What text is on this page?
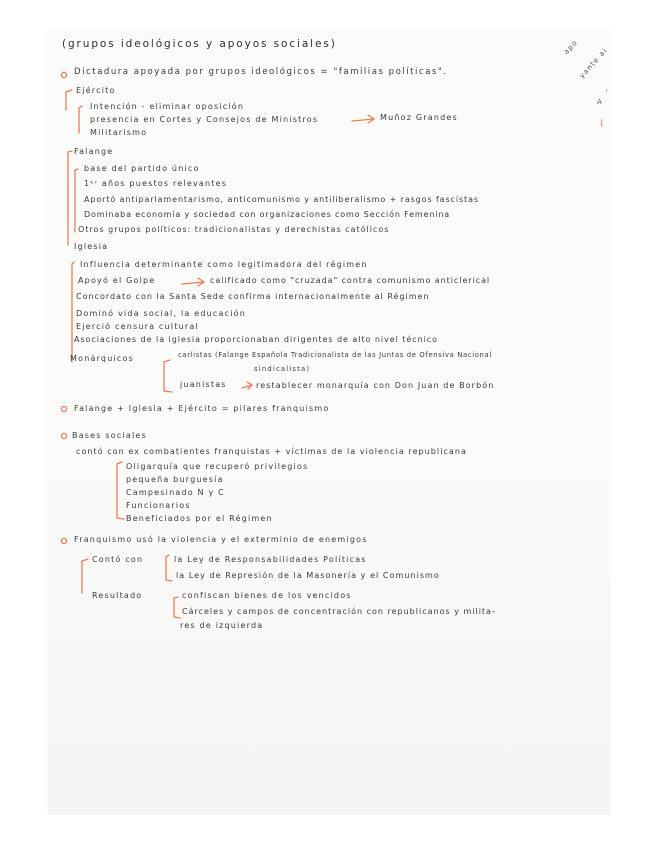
apo
yante ai
A
ʳ
(
(grupos ideológicos y apoyos sociales)
Dictadura apoyada por grupos ideológicos = "familias políticas".
Ejército
Intención - eliminar oposición
presencia en Cortes y Consejos de Ministros
Militarismo
Muñoz Grandes
Falange
base del partido único
1ᵉʳ años puestos relevantes
Aportó antiparlamentarismo, anticomunismo y antiliberalismo + rasgos fascistas
Dominaba economía y sociedad con organizaciones como Sección Femenina
Otros grupos políticos: tradicionalistas y derechistas católicos
Iglesia
Influencia determinante como legitimadora del régimen
Apoyó el Golpe	calificado como "cruzada" contra comunismo anticlerical
Concordato con la Santa Sede confirma internacionalmente al Régimen
Dominó vida social, la educación
Ejerció censura cultural
Asociaciones de la iglesia proporcionaban dirigentes de alto nivel técnico
Monárquicos	carlistas (Falange Española Tradicionalista de las Juntas de Ofensiva Nacional
sindicalista)
juanistas	restablecer monarquía con Don Juan de Borbón
Falange + Iglesia + Ejército = pilares franquismo
Bases sociales
contó con ex combatientes franquistas + víctimas de la violencia republicana
Oligarquía que recuperó privilegios
pequeña burguesía
Campesinado N y C
Funcionarios
Beneficiados por el Régimen
Franquismo usó la violencia y el exterminio de enemigos
Contó con	la Ley de Responsabilidades Políticas
la Ley de Represión de la Masonería y el Comunismo
Resultado	confiscan bienes de los vencidos
Cárceles y campos de concentración con republicanos y milita-
res de izquierda
